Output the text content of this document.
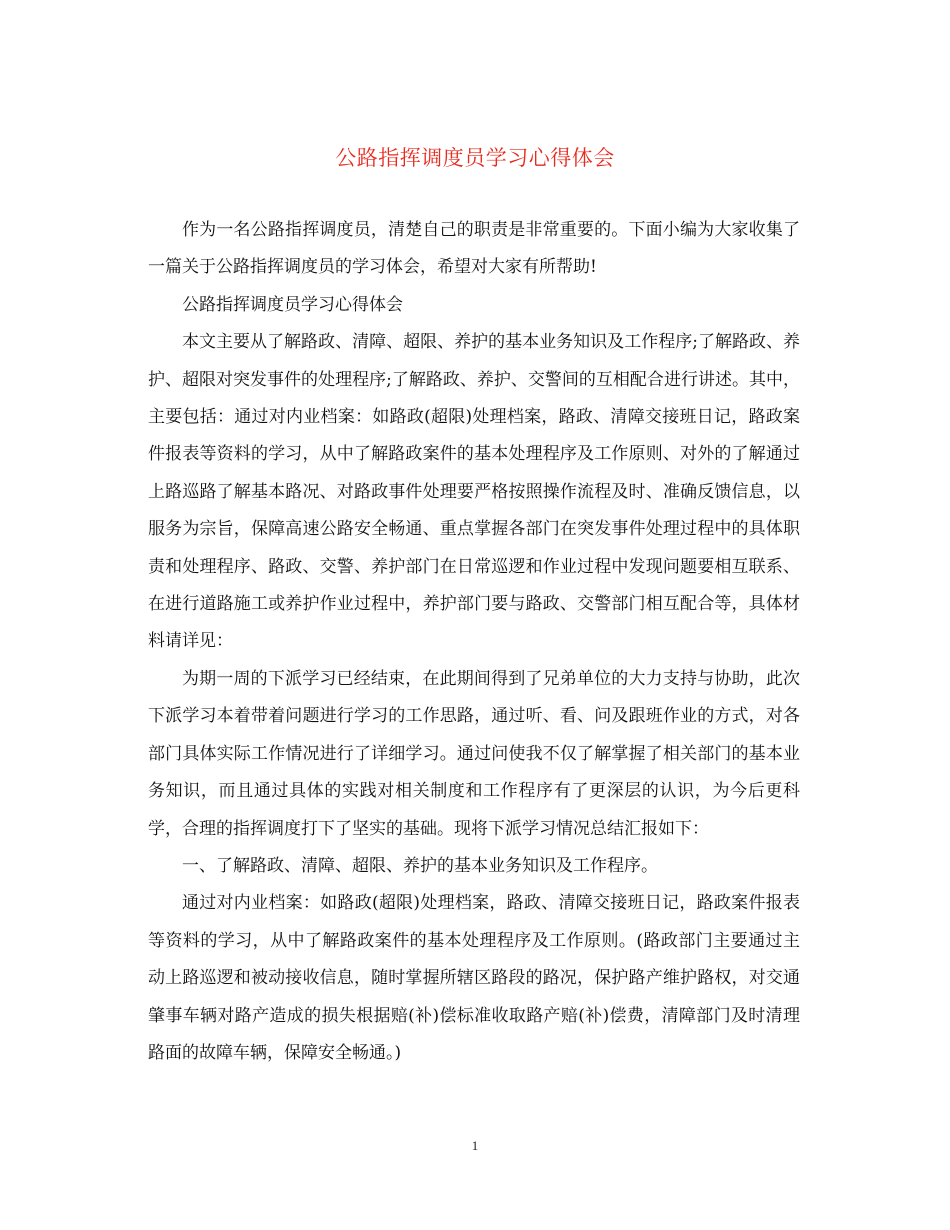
公路指挥调度员学习心得体会

作为一名公路指挥调度员，清楚自己的职责是非常重要的。下面小编为大家收集了一篇关于公路指挥调度员的学习体会，希望对大家有所帮助!

公路指挥调度员学习心得体会

本文主要从了解路政、清障、超限、养护的基本业务知识及工作程序;了解路政、养护、超限对突发事件的处理程序;了解路政、养护、交警间的互相配合进行讲述。其中，主要包括：通过对内业档案：如路政(超限)处理档案，路政、清障交接班日记，路政案件报表等资料的学习，从中了解路政案件的基本处理程序及工作原则、对外的了解通过上路巡路了解基本路况、对路政事件处理要严格按照操作流程及时、准确反馈信息，以服务为宗旨，保障高速公路安全畅通、重点掌握各部门在突发事件处理过程中的具体职责和处理程序、路政、交警、养护部门在日常巡逻和作业过程中发现问题要相互联系、在进行道路施工或养护作业过程中，养护部门要与路政、交警部门相互配合等，具体材料请详见：

为期一周的下派学习已经结束，在此期间得到了兄弟单位的大力支持与协助，此次下派学习本着带着问题进行学习的工作思路，通过听、看、问及跟班作业的方式，对各部门具体实际工作情况进行了详细学习。通过问使我不仅了解掌握了相关部门的基本业务知识，而且通过具体的实践对相关制度和工作程序有了更深层的认识，为今后更科学，合理的指挥调度打下了坚实的基础。现将下派学习情况总结汇报如下：

一、了解路政、清障、超限、养护的基本业务知识及工作程序。

通过对内业档案：如路政(超限)处理档案，路政、清障交接班日记，路政案件报表等资料的学习，从中了解路政案件的基本处理程序及工作原则。(路政部门主要通过主动上路巡逻和被动接收信息，随时掌握所辖区路段的路况，保护路产维护路权，对交通肇事车辆对路产造成的损失根据赔(补)偿标准收取路产赔(补)偿费，清障部门及时清理路面的故障车辆，保障安全畅通。)

1
